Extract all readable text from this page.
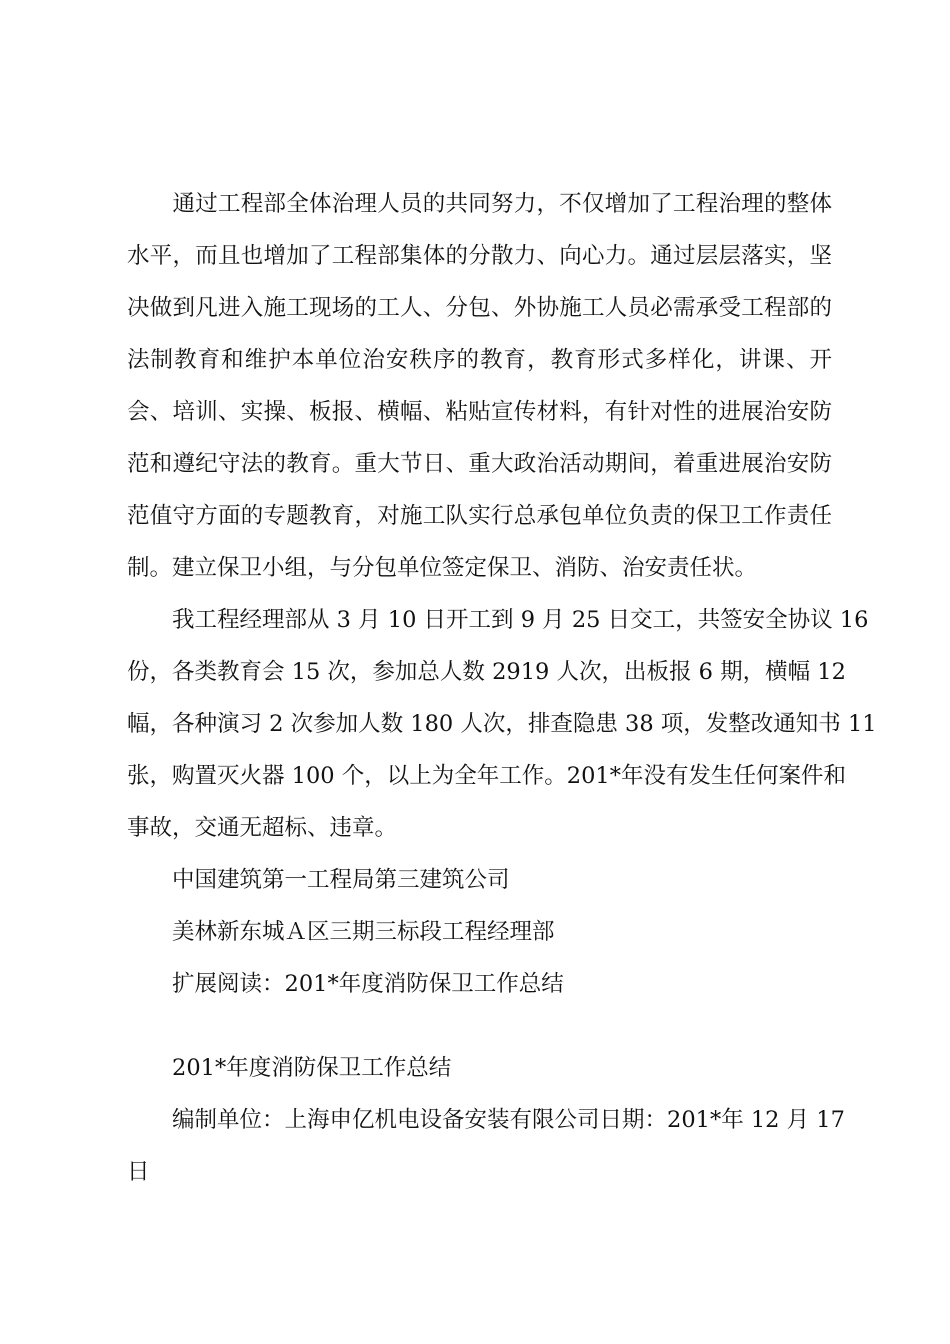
　　通过工程部全体治理人员的共同努力，不仅增加了工程治理的整体
水平，而且也增加了工程部集体的分散力、向心力。通过层层落实，坚
决做到凡进入施工现场的工人、分包、外协施工人员必需承受工程部的
法制教育和维护本单位治安秩序的教育，教育形式多样化，讲课、开
会、培训、实操、板报、横幅、粘贴宣传材料，有针对性的进展治安防
范和遵纪守法的教育。重大节日、重大政治活动期间，着重进展治安防
范值守方面的专题教育，对施工队实行总承包单位负责的保卫工作责任
制。建立保卫小组，与分包单位签定保卫、消防、治安责任状。
　　我工程经理部从 3 月 10 日开工到 9 月 25 日交工，共签安全协议 16
份，各类教育会 15 次，参加总人数 2919 人次，出板报 6 期，横幅 12
幅，各种演习 2 次参加人数 180 人次，排查隐患 38 项，发整改通知书 11
张，购置灭火器 100 个，以上为全年工作。201*年没有发生任何案件和
事故，交通无超标、违章。
　　中国建筑第一工程局第三建筑公司
　　美林新东城Ａ区三期三标段工程经理部
　　扩展阅读：201*年度消防保卫工作总结
　　201*年度消防保卫工作总结
　　编制单位：上海申亿机电设备安装有限公司日期：201*年 12 月 17
日
